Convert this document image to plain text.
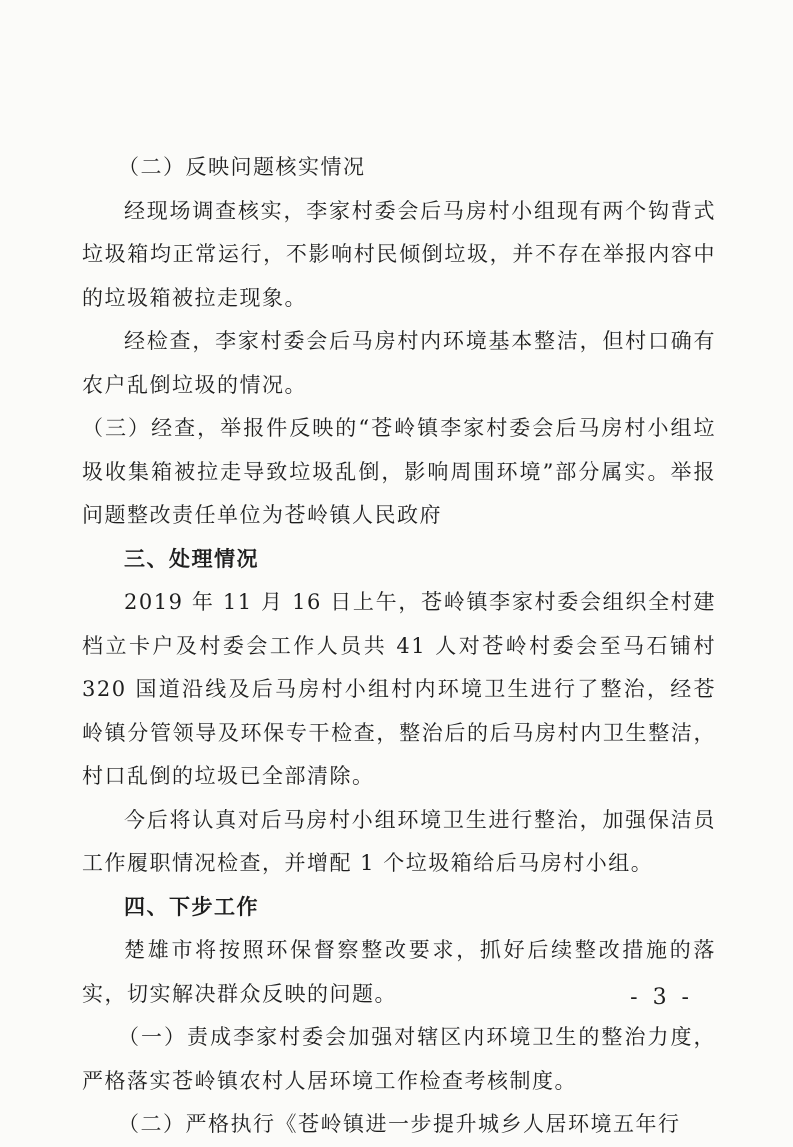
（二）反映问题核实情况

经现场调查核实，李家村委会后马房村小组现有两个钩背式垃圾箱均正常运行，不影响村民倾倒垃圾，并不存在举报内容中的垃圾箱被拉走现象。

经检查，李家村委会后马房村内环境基本整洁，但村口确有农户乱倒垃圾的情况。

（三）经查，举报件反映的“苍岭镇李家村委会后马房村小组垃圾收集箱被拉走导致垃圾乱倒，影响周围环境”部分属实。举报问题整改责任单位为苍岭镇人民政府

三、处理情况

2019 年 11 月 16 日上午，苍岭镇李家村委会组织全村建档立卡户及村委会工作人员共 41 人对苍岭村委会至马石铺村 320 国道沿线及后马房村小组村内环境卫生进行了整治，经苍岭镇分管领导及环保专干检查，整治后的后马房村内卫生整洁，村口乱倒的垃圾已全部清除。

今后将认真对后马房村小组环境卫生进行整治，加强保洁员工作履职情况检查，并增配 1 个垃圾箱给后马房村小组。

四、下步工作

楚雄市将按照环保督察整改要求，抓好后续整改措施的落实，切实解决群众反映的问题。

（一）责成李家村委会加强对辖区内环境卫生的整治力度，严格落实苍岭镇农村人居环境工作检查考核制度。

（二）严格执行《苍岭镇进一步提升城乡人居环境五年行

- 3 -
